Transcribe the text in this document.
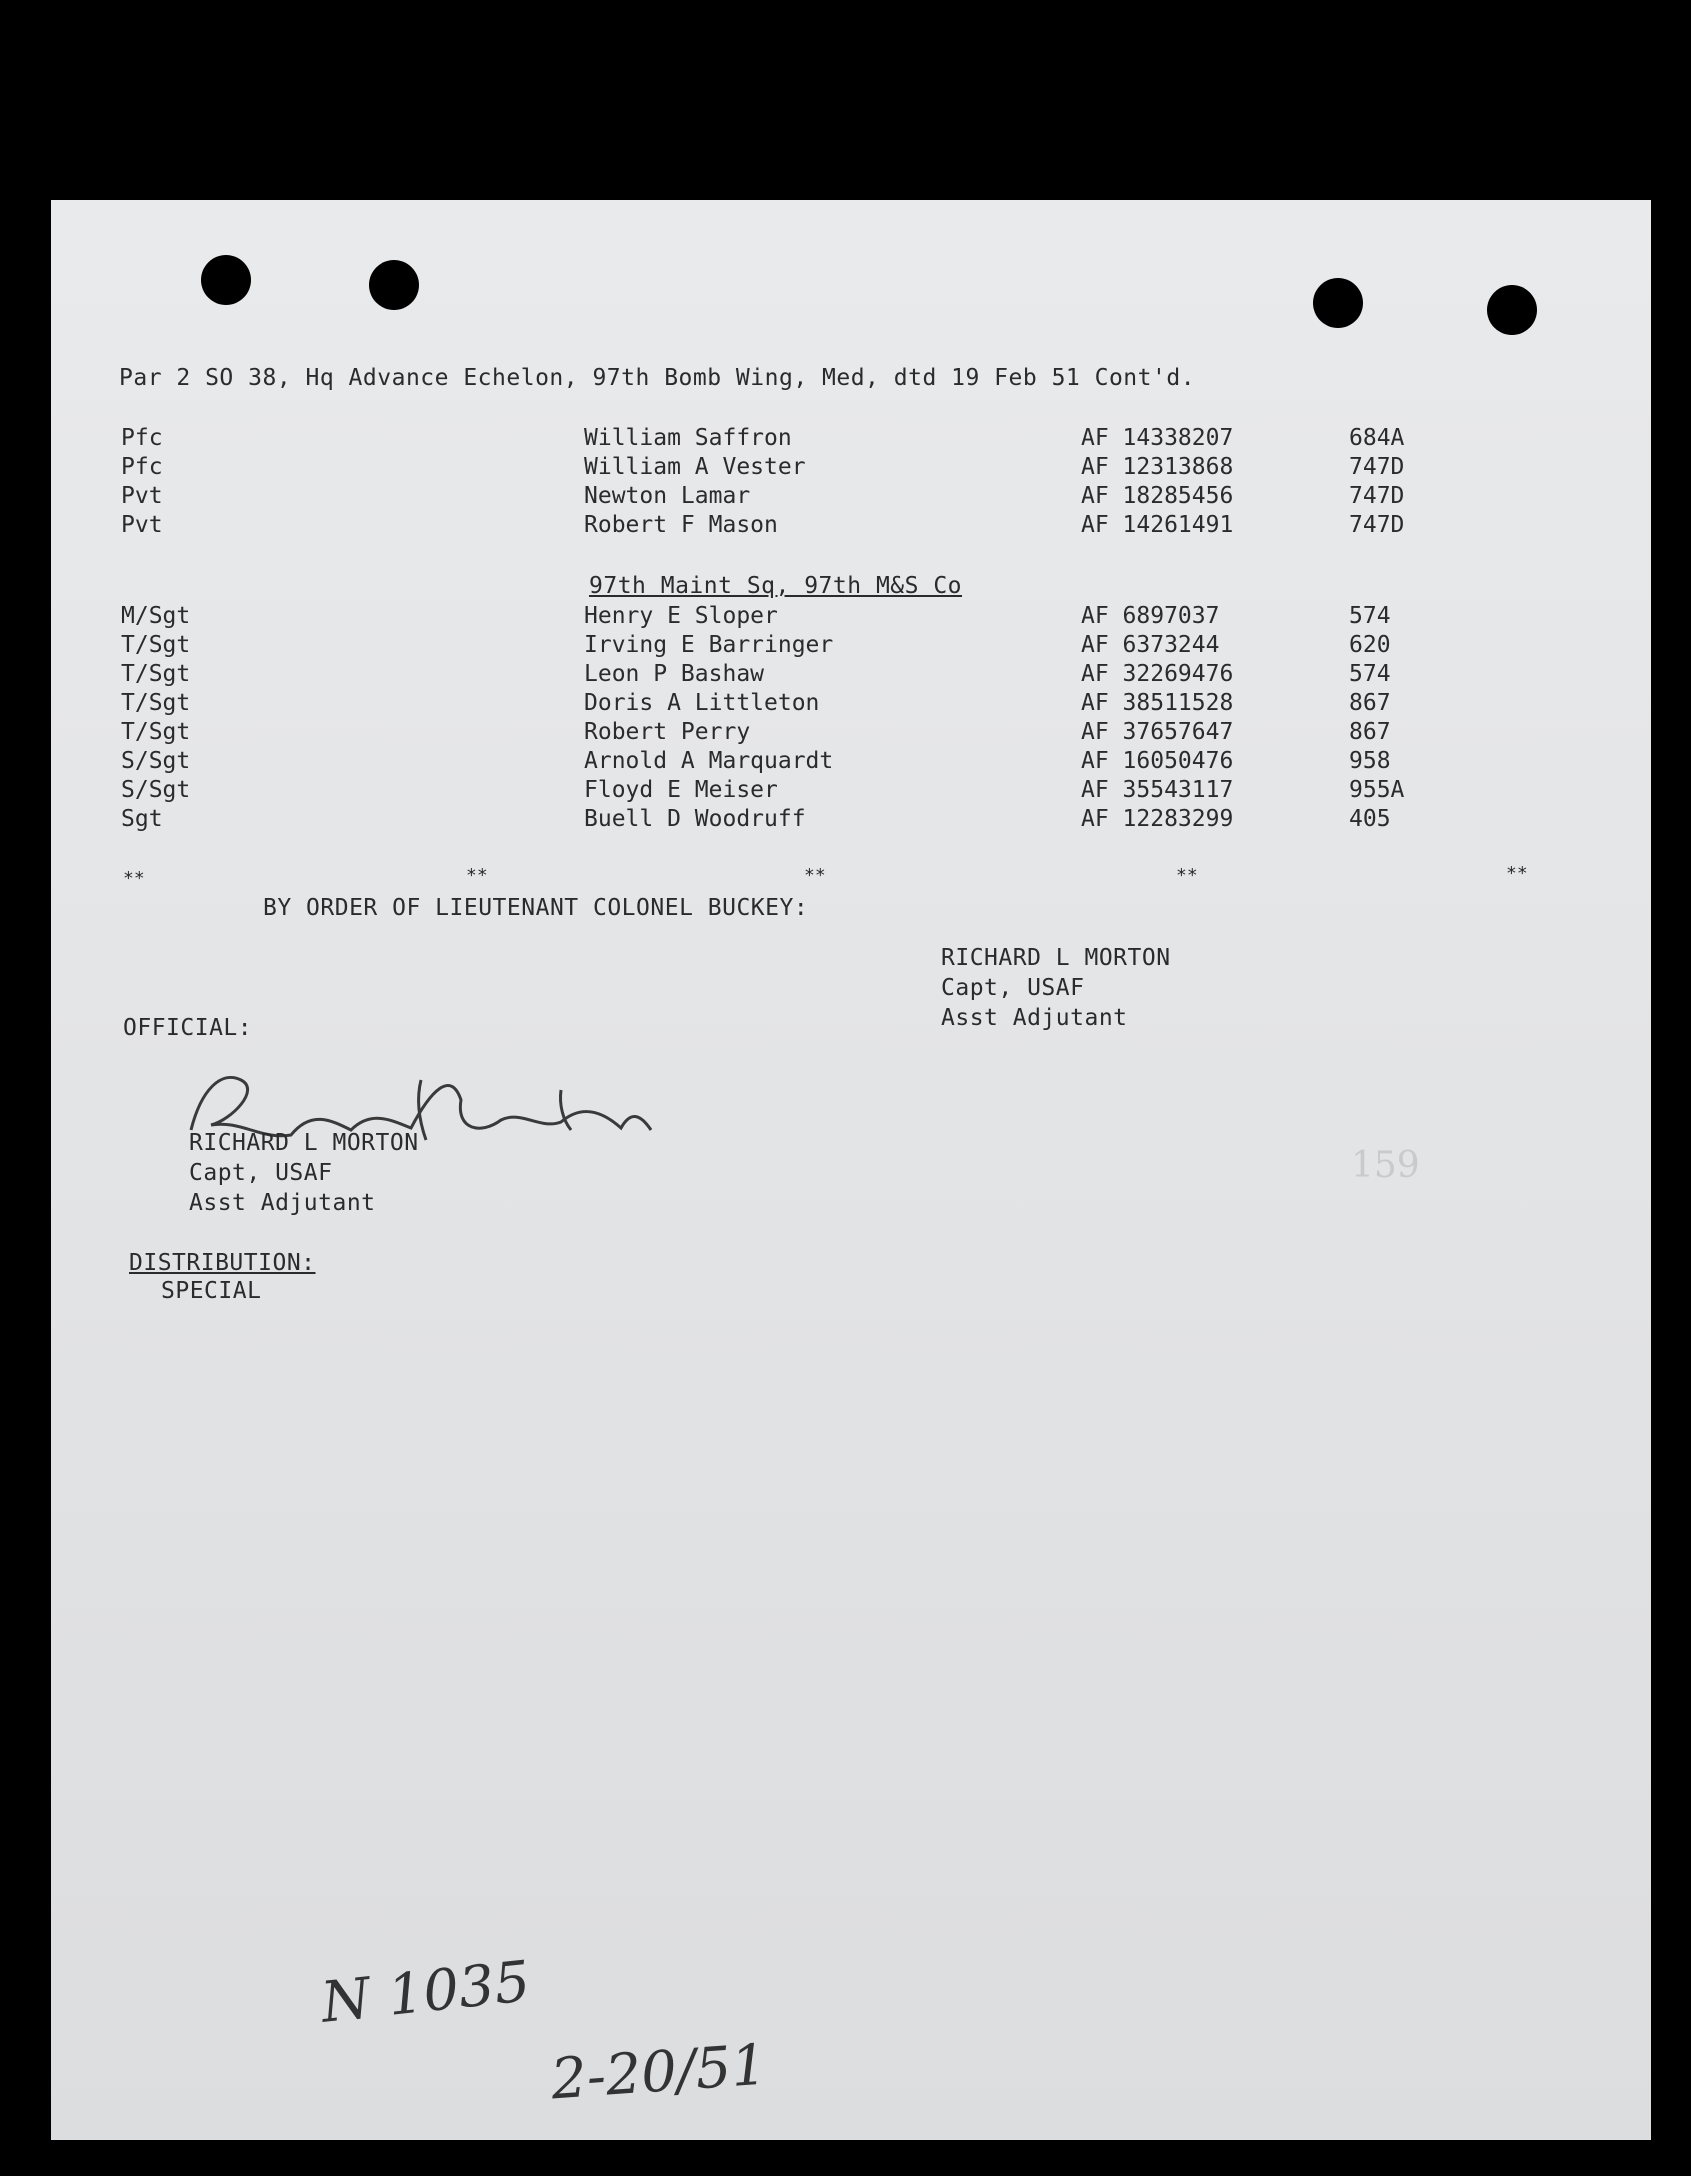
Par 2 SO 38, Hq Advance Echelon, 97th Bomb Wing, Med, dtd 19 Feb 51 Cont'd.
Pfc	William Saffron	AF 14338207	684A
Pfc	William A Vester	AF 12313868	747D
Pvt	Newton Lamar	AF 18285456	747D
Pvt	Robert F Mason	AF 14261491	747D
97th Maint Sq, 97th M&S Co
M/Sgt	Henry E Sloper	AF 6897037	574
T/Sgt	Irving E Barringer	AF 6373244	620
T/Sgt	Leon P Bashaw	AF 32269476	574
T/Sgt	Doris A Littleton	AF 38511528	867
T/Sgt	Robert Perry	AF 37657647	867
S/Sgt	Arnold A Marquardt	AF 16050476	958
S/Sgt	Floyd E Meiser	AF 35543117	955A
Sgt	Buell D Woodruff	AF 12283299	405
**	**	**	**	**
BY ORDER OF LIEUTENANT COLONEL BUCKEY:
RICHARD L MORTON
Capt, USAF
Asst Adjutant
OFFICIAL:
RICHARD L MORTON
Capt, USAF
Asst Adjutant
159
DISTRIBUTION:
SPECIAL
N 1035
2-20/51
